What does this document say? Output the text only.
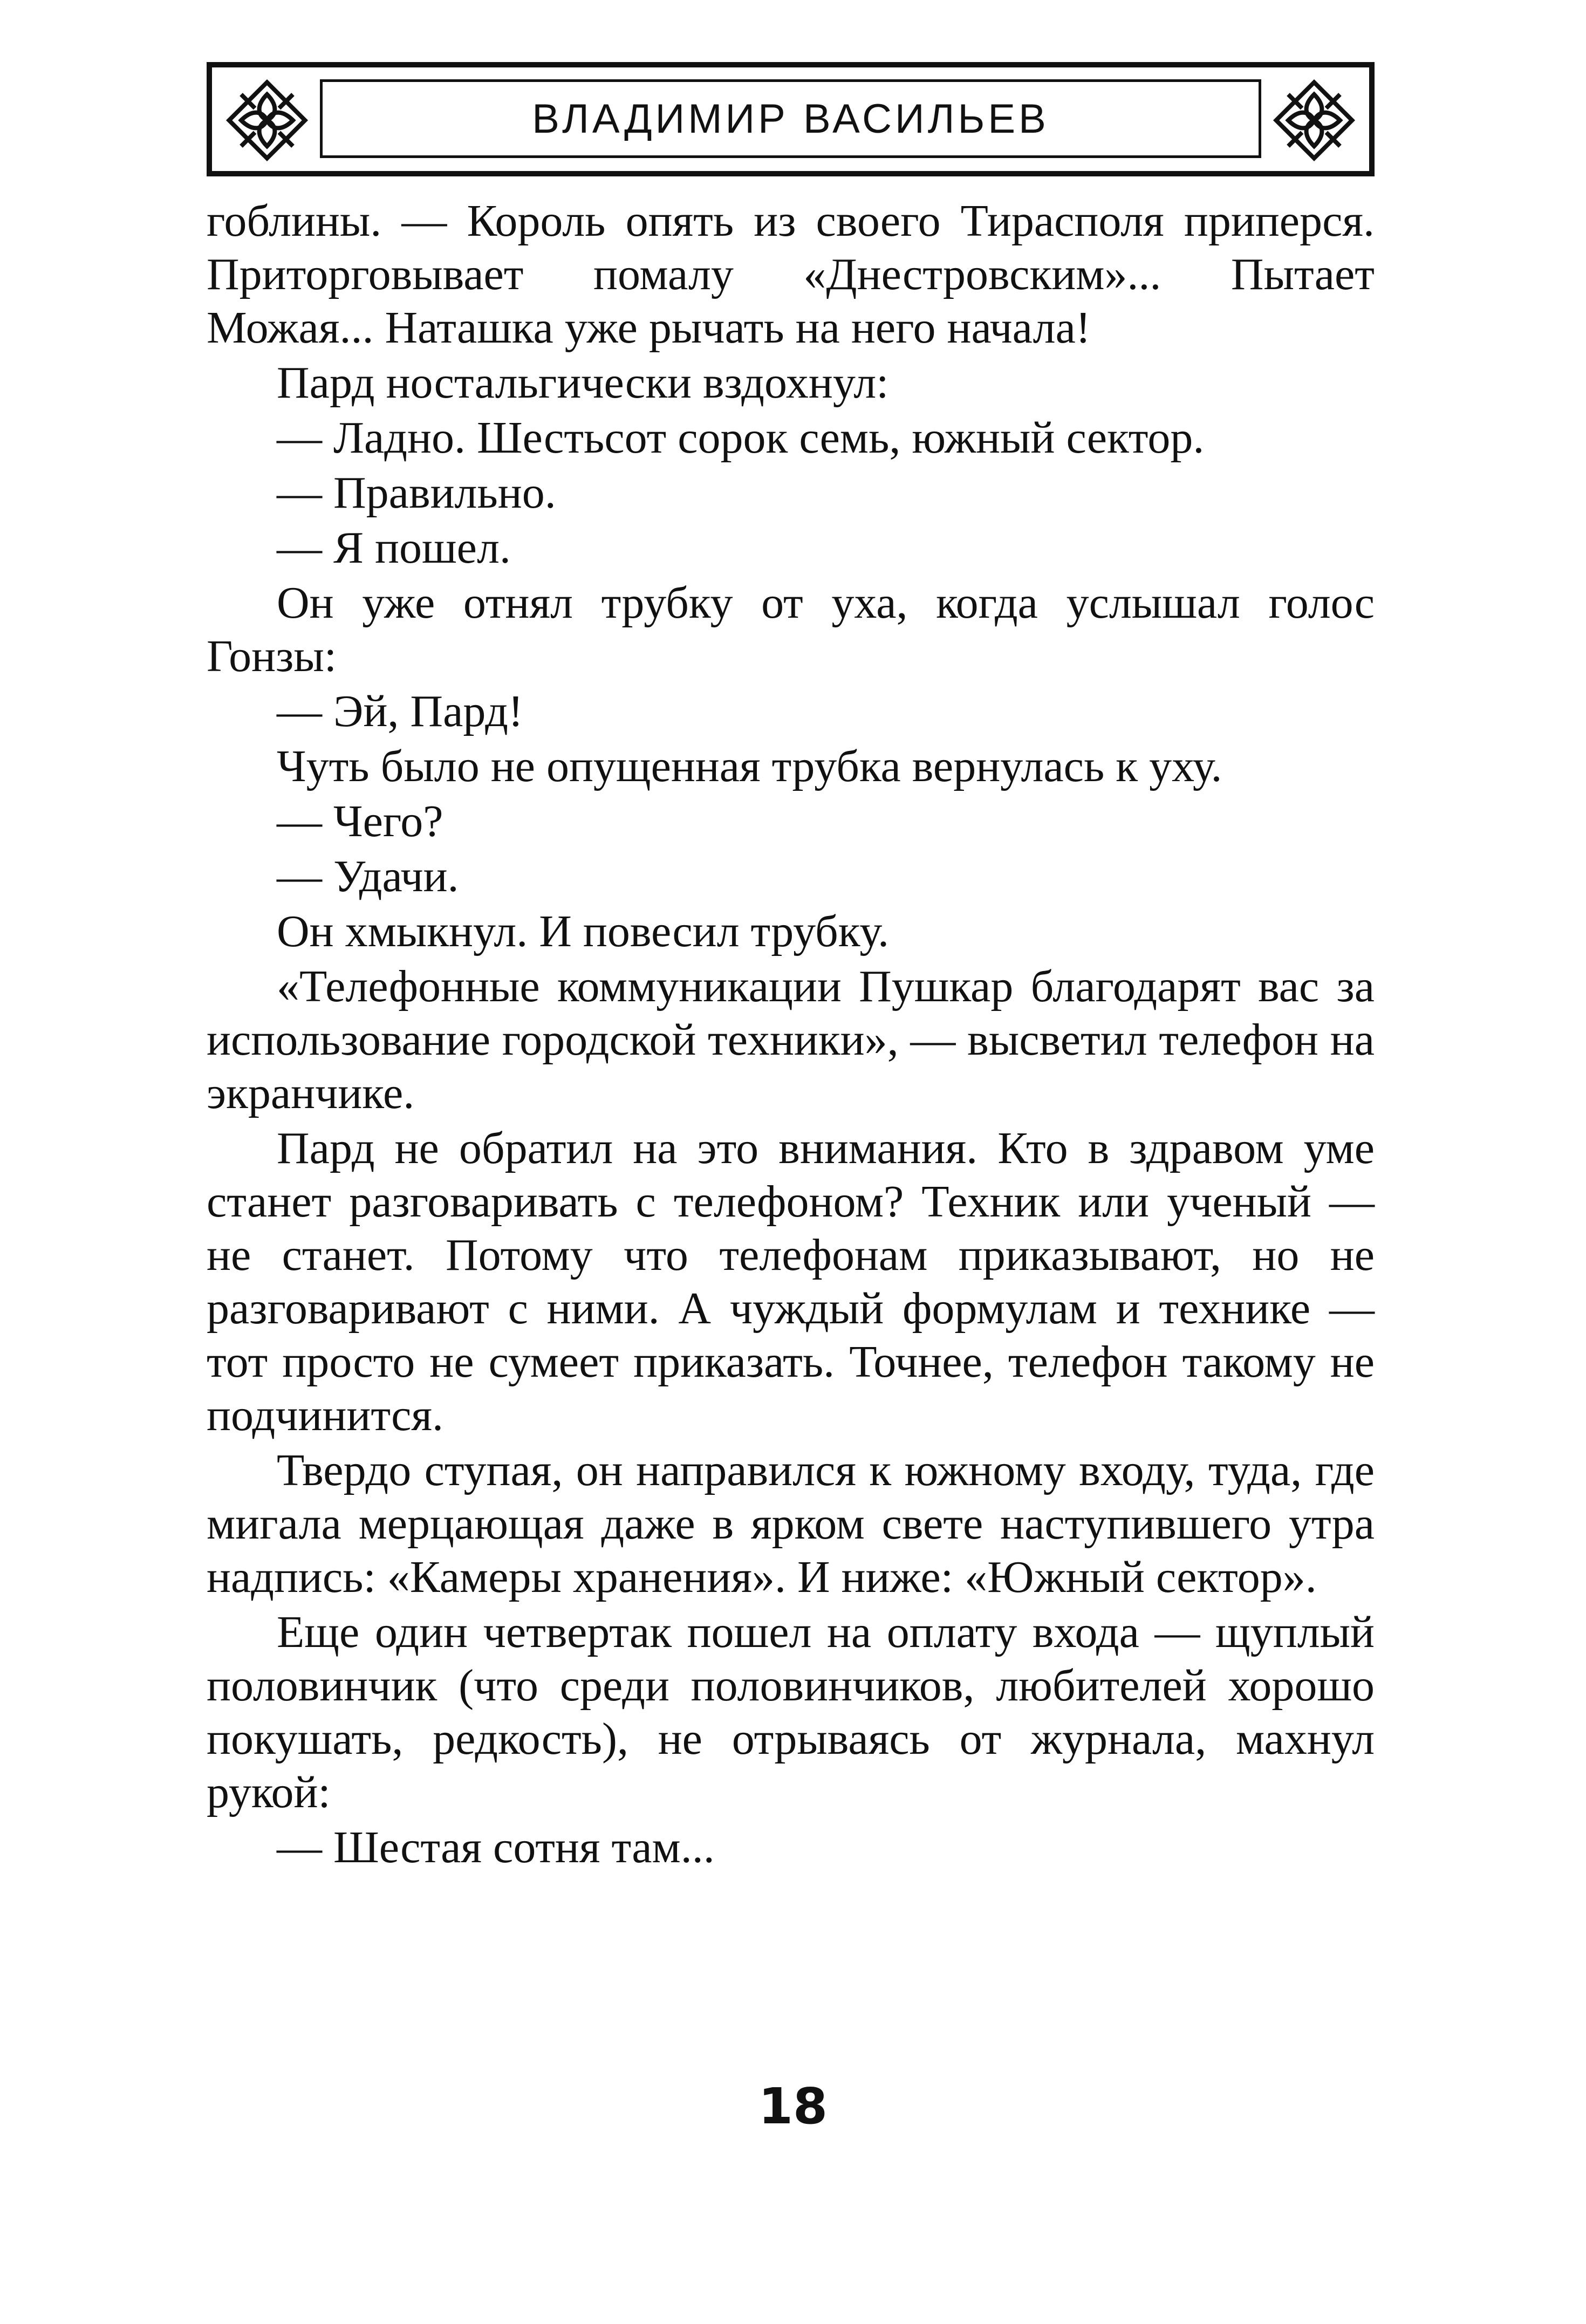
ВЛАДИМИР ВАСИЛЬЕВ

гоблины. — Король опять из своего Тирасполя приперся. Приторговывает помалу «Днестровским»... Пытает Можая... Наташка уже рычать на него начала!

Пард ностальгически вздохнул:

— Ладно. Шестьсот сорок семь, южный сектор.

— Правильно.

— Я пошел.

Он уже отнял трубку от уха, когда услышал голос Гонзы:

— Эй, Пард!

Чуть было не опущенная трубка вернулась к уху.

— Чего?

— Удачи.

Он хмыкнул. И повесил трубку.

«Телефонные коммуникации Пушкар благодарят вас за использование городской техники», — высветил телефон на экранчике.

Пард не обратил на это внимания. Кто в здравом уме станет разговаривать с телефоном? Техник или ученый — не станет. Потому что телефонам приказывают, но не разговаривают с ними. А чуждый формулам и технике — тот просто не сумеет приказать. Точнее, телефон такому не подчинится.

Твердо ступая, он направился к южному входу, туда, где мигала мерцающая даже в ярком свете наступившего утра надпись: «Камеры хранения». И ниже: «Южный сектор».

Еще один четвертак пошел на оплату входа — щуплый половинчик (что среди половинчиков, любителей хорошо покушать, редкость), не отрываясь от журнала, махнул рукой:

— Шестая сотня там...

18
